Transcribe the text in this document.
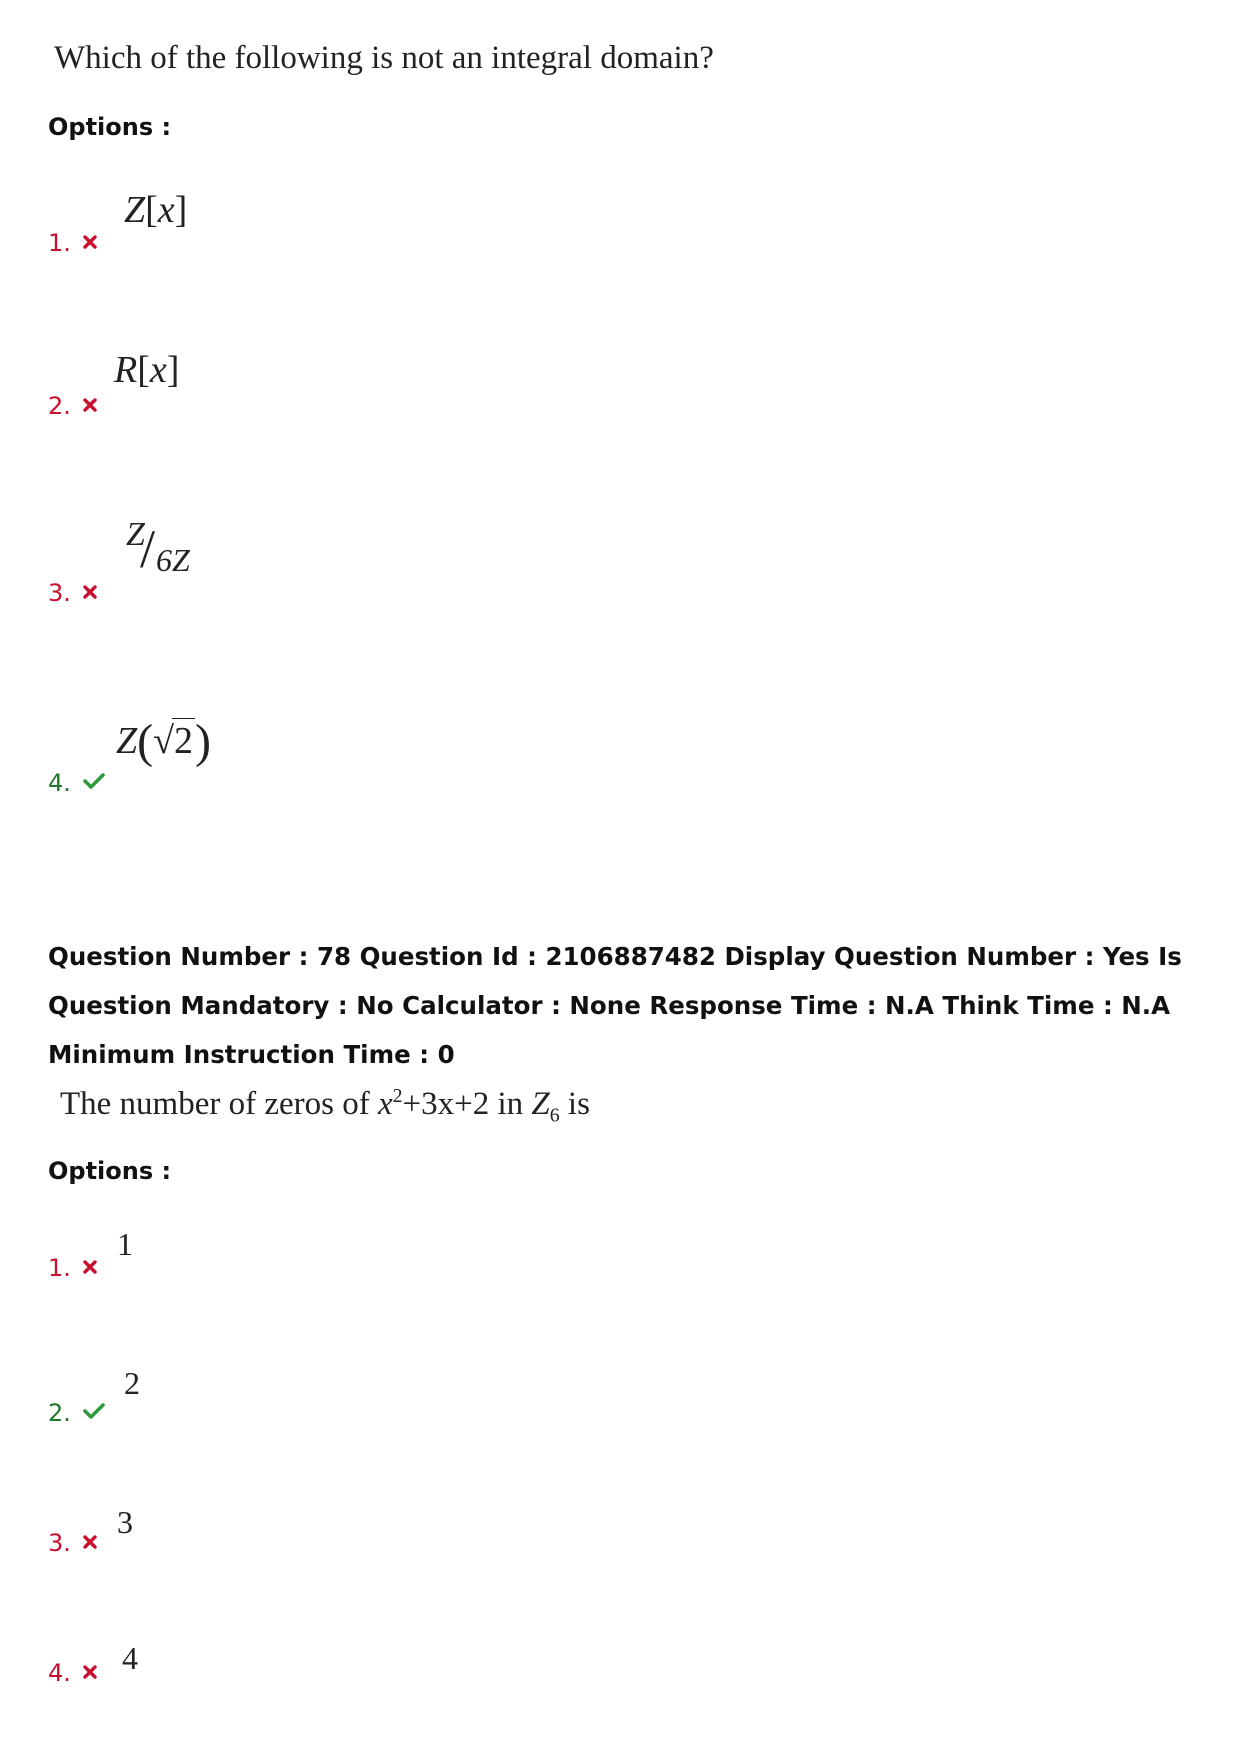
Which of the following is not an integral domain?
Options :
1.
Z[x]
2.
R[x]
3.
Z
/ 6Z
4.
Z(√2)
Question Number : 78 Question Id : 2106887482 Display Question Number : Yes Is Question Mandatory : No Calculator : None Response Time : N.A Think Time : N.A Minimum Instruction Time : 0
The number of zeros of $x^2+3x+2$ in $Z_6$ is
Options :
1.
1
2.
2
3.
3
4.	4
